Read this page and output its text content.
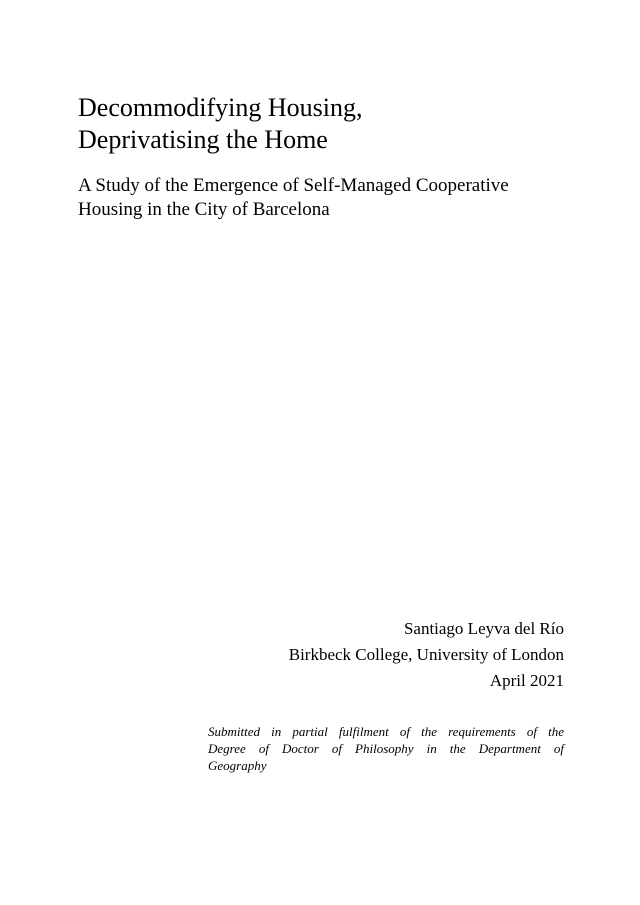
Decommodifying Housing,
Deprivatising the Home

A Study of the Emergence of Self-Managed Cooperative
Housing in the City of Barcelona

Santiago Leyva del Río
Birkbeck College, University of London
April 2021

Submitted in partial fulfilment of the requirements of the
Degree of Doctor of Philosophy in the Department of
Geography
